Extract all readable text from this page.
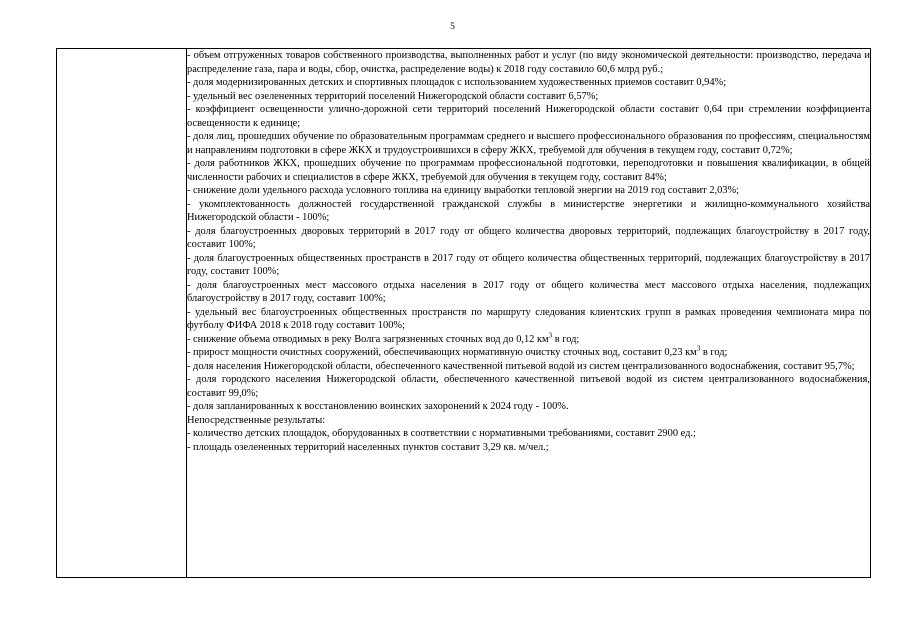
5

- объем отгруженных товаров собственного производства, выполненных работ и услуг (по виду экономической деятельности: производство, передача и распределение газа, пара и воды, сбор, очистка, распределение воды) к 2018 году составило 60,6 млрд руб.;

- доля модернизированных детских и спортивных площадок с использованием художественных приемов составит 0,94%;

- удельный вес озелененных территорий поселений Нижегородской области составит 6,57%;

- коэффициент освещенности улично-дорожной сети территорий поселений Нижегородской области составит 0,64 при стремлении коэффициента освещенности к единице;

- доля лиц, прошедших обучение по образовательным программам среднего и высшего профессионального образования по профессиям, специальностям и направлениям подготовки в сфере ЖКХ и трудоустроившихся в сферу ЖКХ, требуемой для обучения в текущем году, составит 0,72%;

- доля работников ЖКХ, прошедших обучение по программам профессиональной подготовки, переподготовки и повышения квалификации, в общей численности рабочих и специалистов в сфере ЖКХ, требуемой для обучения в текущем году, составит 84%;

- снижение доли удельного расхода условного топлива на единицу выработки тепловой энергии на 2019 год составит 2,03%;

- укомплектованность должностей государственной гражданской службы в министерстве энергетики и жилищно-коммунального хозяйства Нижегородской области - 100%;

- доля благоустроенных дворовых территорий в 2017 году от общего количества дворовых территорий, подлежащих благоустройству в 2017 году, составит 100%;

- доля благоустроенных общественных пространств в 2017 году от общего количества общественных территорий, подлежащих благоустройству в 2017 году, составит 100%;

- доля благоустроенных мест массового отдыха населения в 2017 году от общего количества мест массового отдыха населения, подлежащих благоустройству в 2017 году, составит 100%;

- удельный вес благоустроенных общественных пространств по маршруту следования клиентских групп в рамках проведения чемпионата мира по футболу ФИФА 2018 к 2018 году составит 100%;

- снижение объема отводимых в реку Волга загрязненных сточных вод до 0,12 $км^3$ в год;

- прирост мощности очистных сооружений, обеспечивающих нормативную очистку сточных вод, составит 0,23 $км^3$ в год;

- доля населения Нижегородской области, обеспеченного качественной питьевой водой из систем централизованного водоснабжения, составит 95,7%;

- доля городского населения Нижегородской области, обеспеченного качественной питьевой водой из систем централизованного водоснабжения, составит 99,0%;

- доля запланированных к восстановлению воинских захоронений к 2024 году - 100%.

Непосредственные результаты:

- количество детских площадок, оборудованных в соответствии с нормативными требованиями, составит 2900 ед.;

- площадь озелененных территорий населенных пунктов составит 3,29 кв. м/чел.;
